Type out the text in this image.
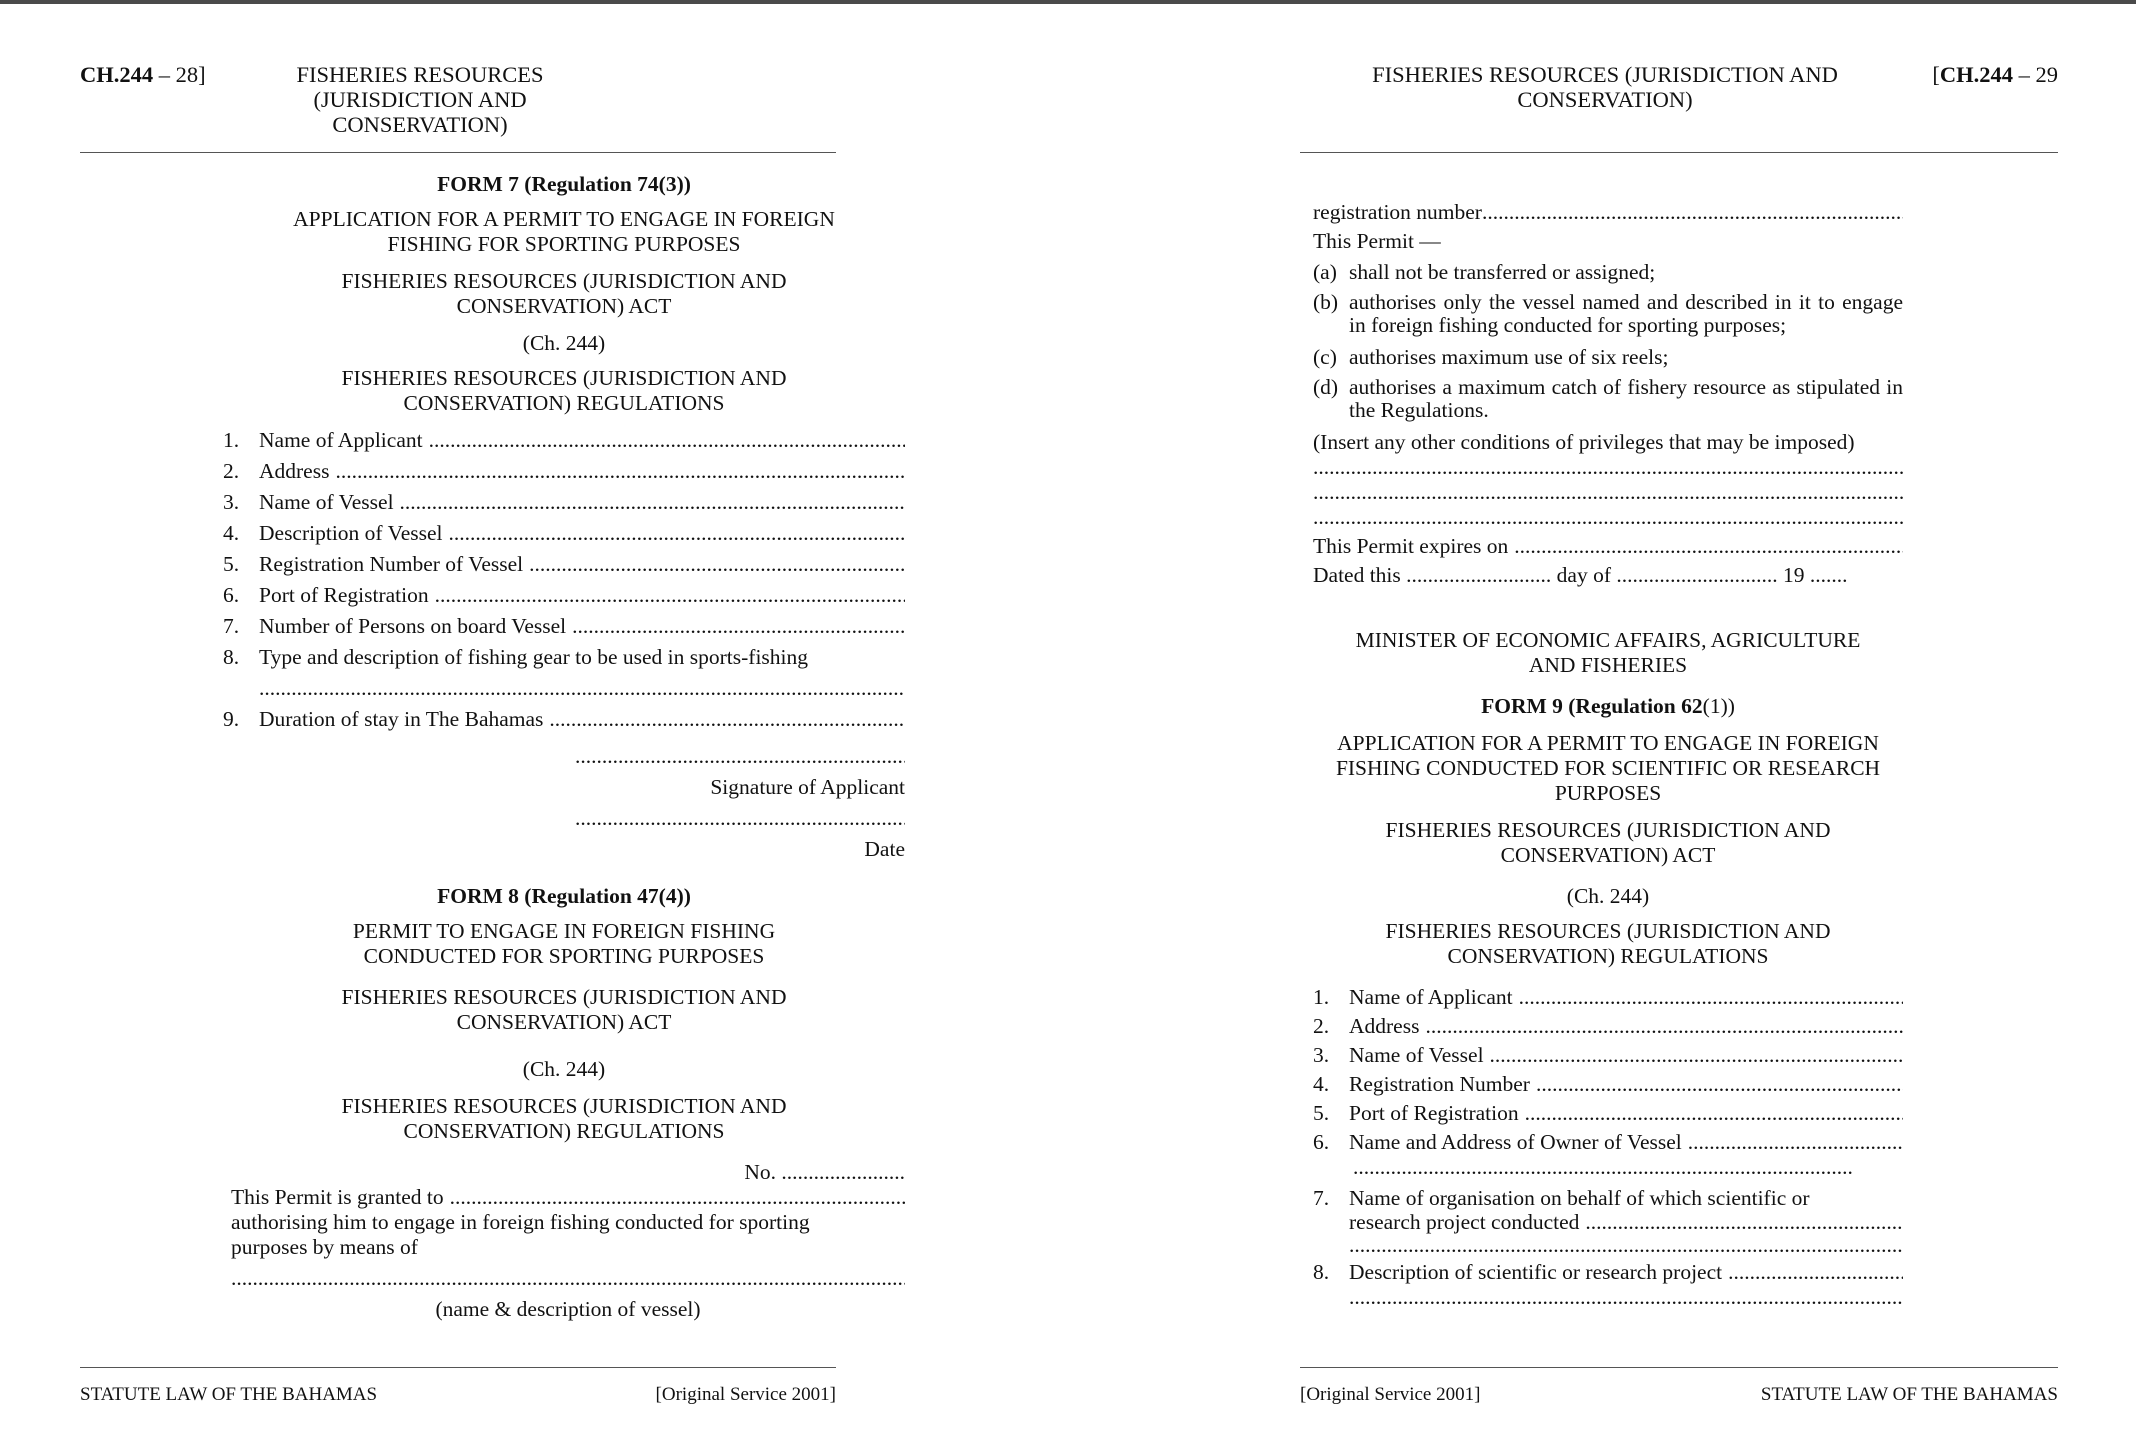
CH.244 – 28]	FISHERIES RESOURCES (JURISDICTION AND CONSERVATION)
FORM 7 (Regulation 74(3))
APPLICATION FOR A PERMIT TO ENGAGE IN FOREIGN FISHING FOR SPORTING PURPOSES
FISHERIES RESOURCES (JURISDICTION AND CONSERVATION) ACT
(Ch. 244)
FISHERIES RESOURCES (JURISDICTION AND CONSERVATION) REGULATIONS
1. Name of Applicant
.....
2. Address
.....
3. Name of Vessel
.....
4. Description of Vessel
.....
5. Registration Number of Vessel
.....
6. Port of Registration
.....
7. Number of Persons on board Vessel
.....
8. Type and description of fishing gear to be used in sports-fishing
.....
9. Duration of stay in The Bahamas
.....
.....
Signature of Applicant
.....
Date
FORM 8 (Regulation 47(4))
PERMIT TO ENGAGE IN FOREIGN FISHING CONDUCTED FOR SPORTING PURPOSES
FISHERIES RESOURCES (JURISDICTION AND CONSERVATION) ACT
(Ch. 244)
FISHERIES RESOURCES (JURISDICTION AND CONSERVATION) REGULATIONS
No. .......................
This Permit is granted to
.....
authorising him to engage in foreign fishing conducted for sporting purposes by means of
.....
(name & description of vessel)
STATUTE LAW OF THE BAHAMAS	[Original Service 2001]
FISHERIES RESOURCES (JURISDICTION AND CONSERVATION)
[CH.244 – 29
registration number
.....
This Permit —
(a) shall not be transferred or assigned;
(b) authorises only the vessel named and described in it to engage in foreign fishing conducted for sporting purposes;
(c) authorises maximum use of six reels;
(d) authorises a maximum catch of fishery resource as stipulated in the Regulations.
(Insert any other conditions of privileges that may be imposed)
.....
.....
.....
This Permit expires on
.....
Dated this ........................... day of .............................. 19 .......
MINISTER OF ECONOMIC AFFAIRS, AGRICULTURE AND FISHERIES
FORM 9 (Regulation 62(1))
APPLICATION FOR A PERMIT TO ENGAGE IN FOREIGN FISHING CONDUCTED FOR SCIENTIFIC OR RESEARCH PURPOSES
FISHERIES RESOURCES (JURISDICTION AND CONSERVATION) ACT
(Ch. 244)
FISHERIES RESOURCES (JURISDICTION AND CONSERVATION) REGULATIONS
1. Name of Applicant
.....
2. Address
.....
3. Name of Vessel
.....
4. Registration Number
.....
5. Port of Registration
.....
6. Name and Address of Owner of Vessel
.....
.....
7. Name of organisation on behalf of which scientific or
research project conducted
.....
.....
8. Description of scientific or research project
.....
.....
[Original Service 2001]	STATUTE LAW OF THE BAHAMAS
